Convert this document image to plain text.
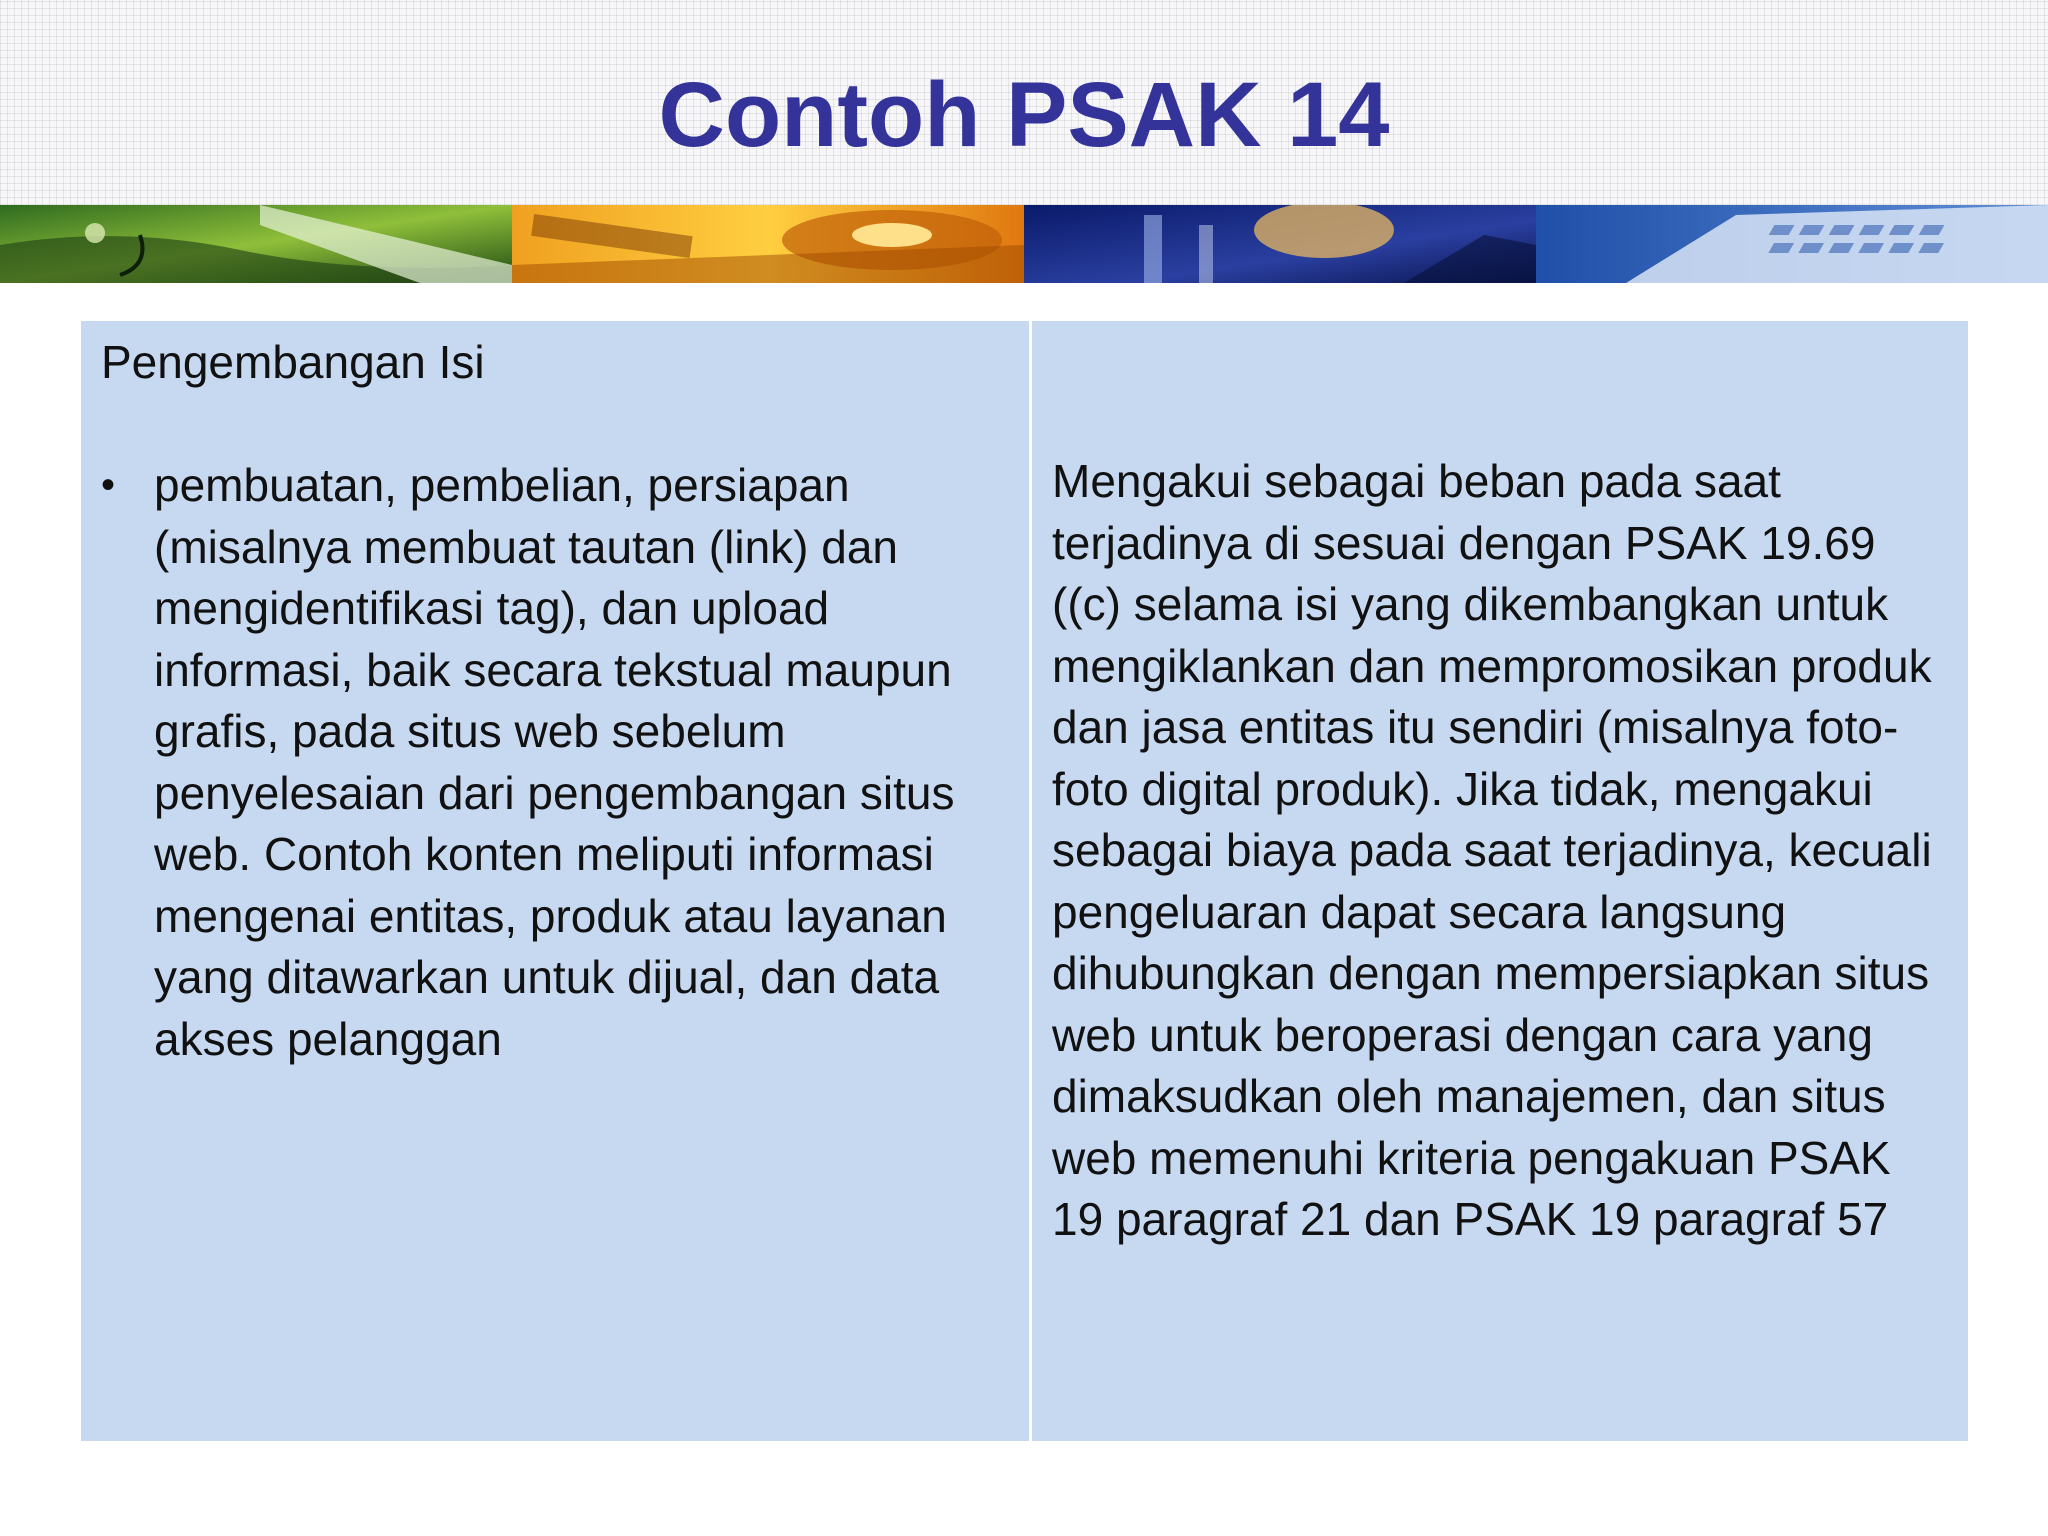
Contoh PSAK 14

Pengembangan Isi

• pembuatan, pembelian, persiapan (misalnya membuat tautan (link) dan mengidentifikasi tag), dan upload informasi, baik secara tekstual maupun grafis, pada situs web sebelum penyelesaian dari pengembangan situs web. Contoh konten meliputi informasi mengenai entitas, produk atau layanan yang ditawarkan untuk dijual, dan data akses pelanggan
Mengakui sebagai beban pada saat terjadinya di sesuai dengan PSAK 19.69 ((c) selama isi yang dikembangkan untuk mengiklankan dan mempromosikan produk dan jasa entitas itu sendiri (misalnya foto-foto digital produk). Jika tidak, mengakui sebagai biaya pada saat terjadinya, kecuali pengeluaran dapat secara langsung dihubungkan dengan mempersiapkan situs web untuk beroperasi dengan cara yang dimaksudkan oleh manajemen, dan situs web memenuhi kriteria pengakuan PSAK 19 paragraf 21 dan PSAK 19 paragraf 57
